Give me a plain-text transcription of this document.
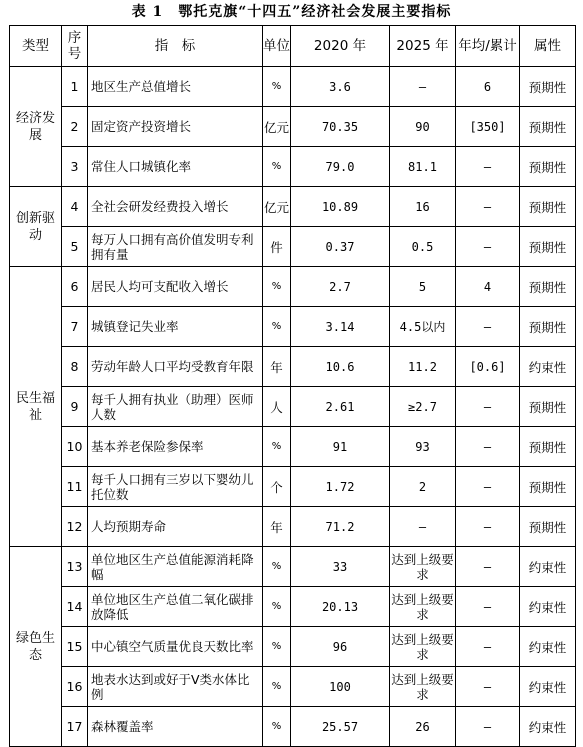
表 1　鄂托克旗“十四五”经济社会发展主要指标
类型	序号	指　标	单位	2020 年	2025 年	年均/累计	属性
经济发展	1	地区生产总值增长	%	3.6	–	6	预期性
	2	固定资产投资增长	亿元	70.35	90	[350]	预期性
	3	常住人口城镇化率	%	79.0	81.1	–	预期性
创新驱动	4	全社会研发经费投入增长	亿元	10.89	16	–	预期性
	5	每万人口拥有高价值发明专利拥有量	件	0.37	0.5	–	预期性
民生福祉	6	居民人均可支配收入增长	%	2.7	5	4	预期性
	7	城镇登记失业率	%	3.14	4.5以内	–	预期性
	8	劳动年龄人口平均受教育年限	年	10.6	11.2	[0.6]	约束性
	9	每千人拥有执业（助理）医师人数	人	2.61	≥2.7	–	预期性
	10	基本养老保险参保率	%	91	93	–	预期性
	11	每千人口拥有三岁以下婴幼儿托位数	个	1.72	2	–	预期性
	12	人均预期寿命	年	71.2	–	–	预期性
绿色生态	13	单位地区生产总值能源消耗降幅	%	33	达到上级要求	–	约束性
	14	单位地区生产总值二氧化碳排放降低	%	20.13	达到上级要求	–	约束性
	15	中心镇空气质量优良天数比率	%	96	达到上级要求	–	约束性
	16	地表水达到或好于Ⅴ类水体比例	%	100	达到上级要求	–	约束性
	17	森林覆盖率	%	25.57	26	–	约束性
